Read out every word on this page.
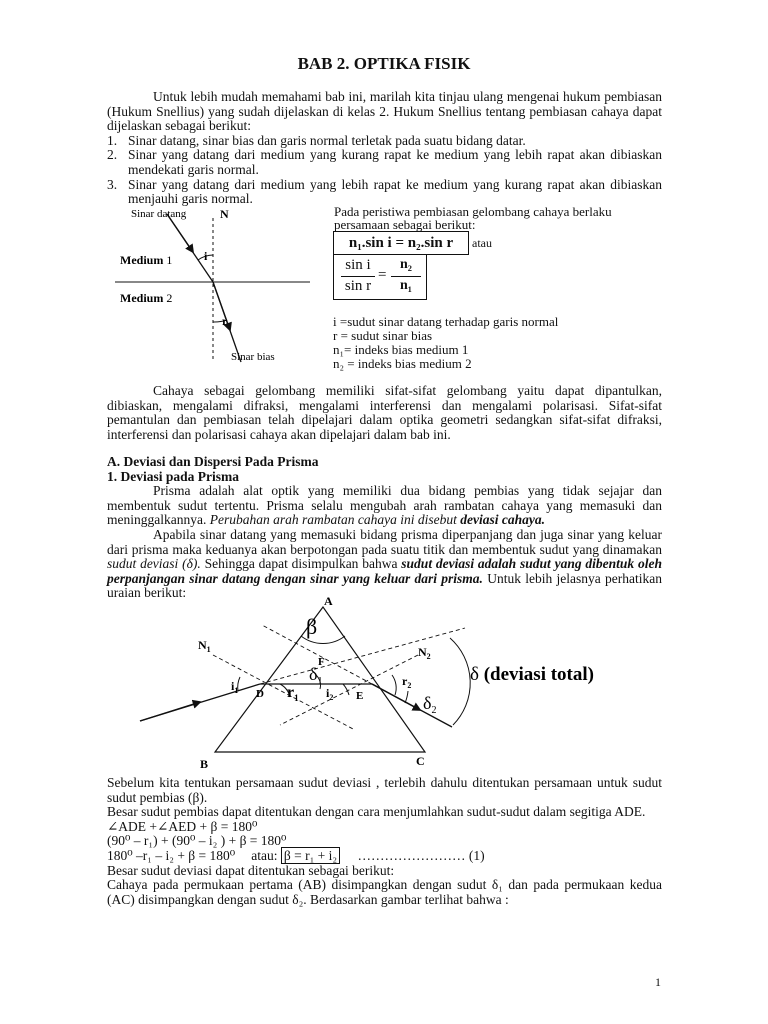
BAB 2. OPTIKA FISIK

Untuk lebih mudah memahami bab ini, marilah kita tinjau ulang mengenai hukum pembiasan (Hukum Snellius) yang sudah dijelaskan di kelas 2. Hukum Snellius tentang pembiasan cahaya dapat dijelaskan sebagai berikut:

1. Sinar datang, sinar bias dan garis normal terletak pada suatu bidang datar.
2. Sinar yang datang dari medium yang kurang rapat ke medium yang lebih rapat akan dibiaskan mendekati garis normal.
3. Sinar yang datang dari medium yang lebih rapat ke medium yang kurang rapat akan dibiaskan menjauhi garis normal.
Sinar datang	N
Medium 1
Medium 2
i
r
Sinar bias
Pada peristiwa pembiasan gelombang cahaya berlaku persamaan sebagai berikut:
n₁.sin i = n₂.sin r	atau
sin i
sin r
=
n₂
n₁
i =sudut sinar datang terhadap garis normal
r = sudut sinar bias
n₁= indeks bias medium 1
n₂ = indeks bias medium 2

Cahaya sebagai gelombang memiliki sifat-sifat gelombang yaitu dapat dipantulkan, dibiaskan, mengalami difraksi, mengalami interferensi dan mengalami polarisasi. Sifat-sifat pemantulan dan pembiasan telah dipelajari dalam optika geometri sedangkan sifat-sifat difraksi, interferensi dan polarisasi cahaya akan dipelajari dalam bab ini.

A. Deviasi dan Dispersi Pada Prisma

1. Deviasi pada Prisma

Prisma adalah alat optik yang memiliki dua bidang pembias yang tidak sejajar dan membentuk sudut tertentu. Prisma selalu mengubah arah rambatan cahaya yang memasuki dan meninggalkannya. Perubahan arah rambatan cahaya ini disebut deviasi cahaya.

Apabila sinar datang yang memasuki bidang prisma diperpanjang dan juga sinar yang keluar dari prisma maka keduanya akan berpotongan pada suatu titik dan membentuk sudut yang dinamakan sudut deviasi (δ). Sehingga dapat disimpulkan bahwa sudut deviasi adalah sudut yang dibentuk oleh perpanjangan sinar datang dengan sinar yang keluar dari prisma. Untuk lebih jelasnya perhatikan uraian berikut:

A
B	C
D	E
F
β
$N_1$	$N_2$
$i_1$	$r_1$ $i_2$
$r_2$
$\delta_1$
$\delta_2$
δ (deviasi total)

Sebelum kita tentukan persamaan sudut deviasi , terlebih dahulu ditentukan persamaan untuk sudut sudut pembias (β).

Besar sudut pembias dapat ditentukan dengan cara menjumlahkan sudut-sudut dalam segitiga ADE.

∠ADE +∠AED + β = 180⁰

(90⁰ – r₁) + (90⁰ – i₂ ) + β = 180⁰

180⁰ –r₁ – i₂ + β = 180⁰ atau: β = r₁ + i₂ …………………… (1)

Besar sudut deviasi dapat ditentukan sebagai berikut:

Cahaya pada permukaan pertama (AB) disimpangkan dengan sudut δ₁ dan pada permukaan kedua (AC) disimpangkan dengan sudut δ₂. Berdasarkan gambar terlihat bahwa :

1
